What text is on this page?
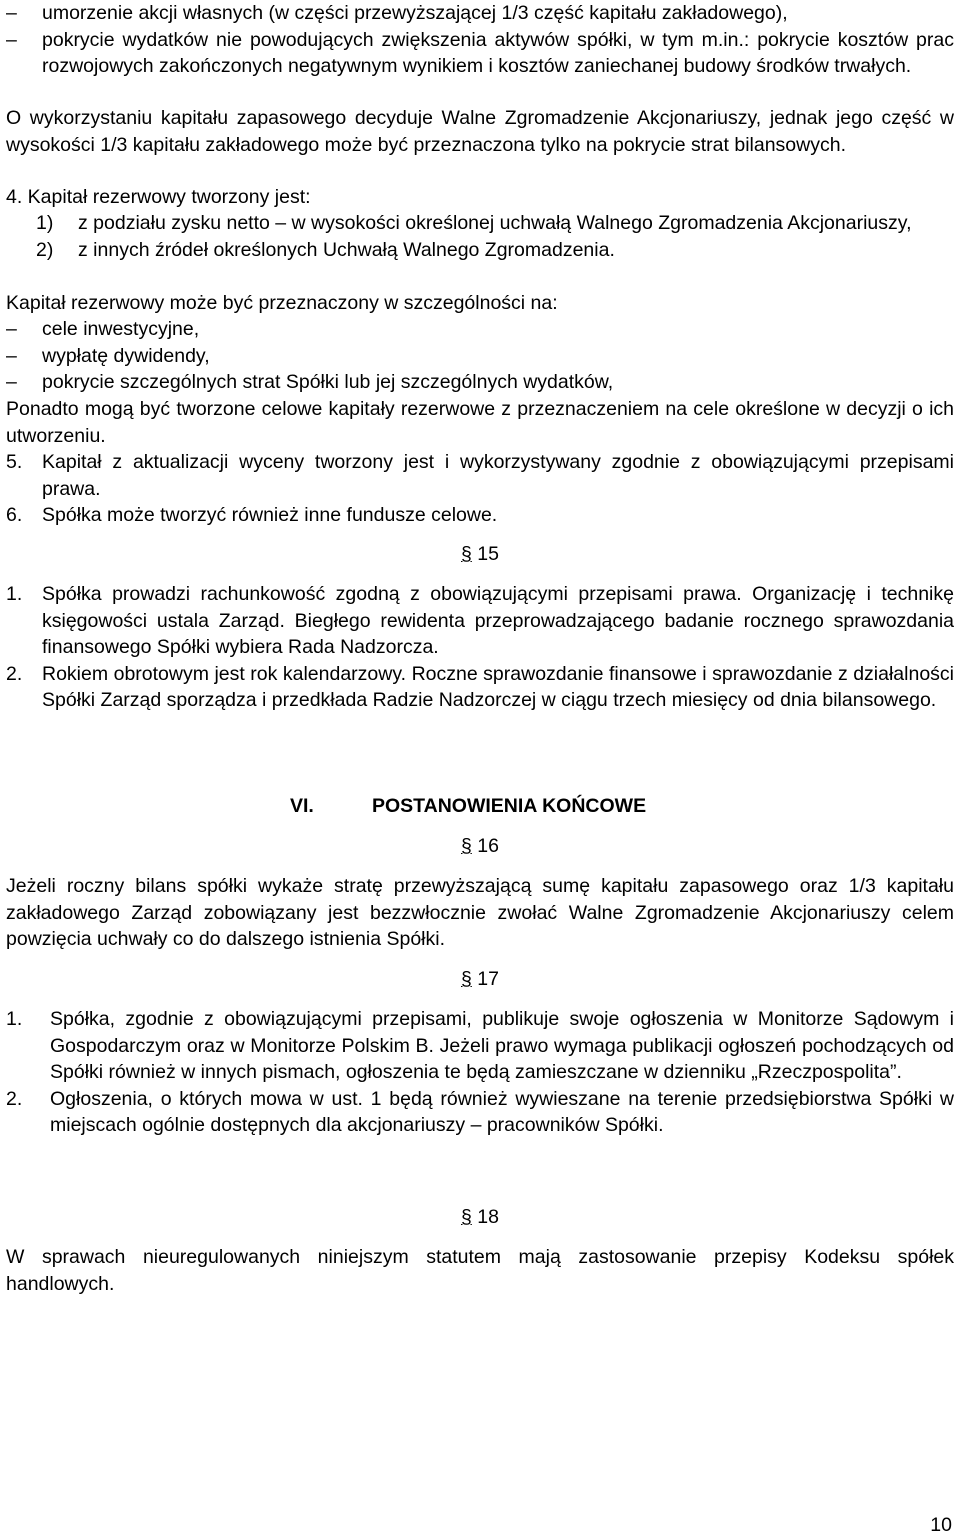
–	umorzenie akcji własnych (w części przewyższającej 1/3 część kapitału zakładowego),

–	pokrycie wydatków nie powodujących zwiększenia aktywów spółki, w tym m.in.: pokrycie kosztów prac rozwojowych zakończonych negatywnym wynikiem i kosztów zaniechanej budowy środków trwałych.

O wykorzystaniu kapitału zapasowego decyduje Walne Zgromadzenie Akcjonariuszy, jednak jego część w wysokości 1/3 kapitału zakładowego może być przeznaczona tylko na pokrycie strat bilansowych.

4. Kapitał rezerwowy tworzony jest:

1) z podziału zysku netto – w wysokości określonej uchwałą Walnego Zgromadzenia Akcjonariuszy,

2) z innych źródeł określonych Uchwałą Walnego Zgromadzenia.

Kapitał rezerwowy może być przeznaczony w szczególności na:

–	cele inwestycyjne,

–	wypłatę dywidendy,

–	pokrycie szczególnych strat Spółki lub jej szczególnych wydatków,

Ponadto mogą być tworzone celowe kapitały rezerwowe z przeznaczeniem na cele określone w decyzji o ich utworzeniu.

5. Kapitał z aktualizacji wyceny tworzony jest i wykorzystywany zgodnie z obowiązującymi przepisami prawa.

6. Spółka może tworzyć również inne fundusze celowe.

§ 15

1. Spółka prowadzi rachunkowość zgodną z obowiązującymi przepisami prawa. Organizację i technikę księgowości ustala Zarząd. Biegłego rewidenta przeprowadzającego badanie rocznego sprawozdania finansowego Spółki wybiera Rada Nadzorcza.

2. Rokiem obrotowym jest rok kalendarzowy. Roczne sprawozdanie finansowe i sprawozdanie z działalności Spółki Zarząd sporządza i przedkłada Radzie Nadzorczej w ciągu trzech miesięcy od dnia bilansowego.

VI.	POSTANOWIENIA KOŃCOWE

§ 16

Jeżeli roczny bilans spółki wykaże stratę przewyższającą sumę kapitału zapasowego oraz 1/3 kapitału zakładowego Zarząd zobowiązany jest bezzwłocznie zwołać Walne Zgromadzenie Akcjonariuszy celem powzięcia uchwały co do dalszego istnienia Spółki.

§ 17

1. Spółka, zgodnie z obowiązującymi przepisami, publikuje swoje ogłoszenia w Monitorze Sądowym i Gospodarczym oraz w Monitorze Polskim B. Jeżeli prawo wymaga publikacji ogłoszeń pochodzących od Spółki również w innych pismach, ogłoszenia te będą zamieszczane w dzienniku „Rzeczpospolita”.

2. Ogłoszenia, o których mowa w ust. 1 będą również wywieszane na terenie przedsiębiorstwa Spółki w miejscach ogólnie dostępnych dla akcjonariuszy – pracowników Spółki.

§ 18

W sprawach nieuregulowanych niniejszym statutem mają zastosowanie przepisy Kodeksu spółek handlowych.

10
